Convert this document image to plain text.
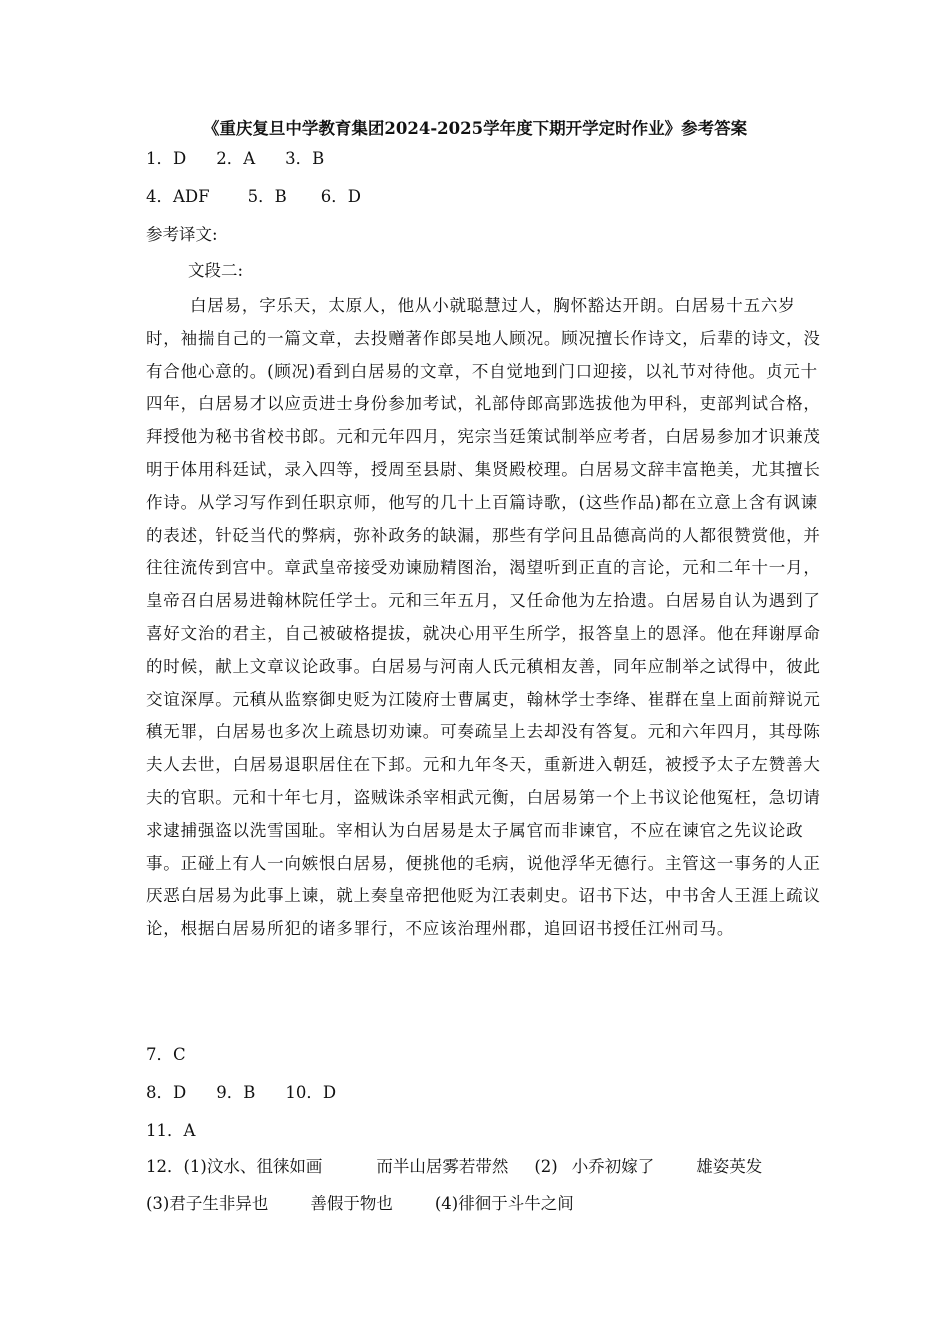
《重庆复旦中学教育集团2024-2025学年度下期开学定时作业》参考答案
1．D 2．A 3．B
4．ADF 5．B 6．D
参考译文:
文段二:
白居易，字乐天，太原人，他从小就聪慧过人，胸怀豁达开朗。白居易十五六岁
时，袖揣自己的一篇文章，去投赠著作郎吴地人顾况。顾况擅长作诗文，后辈的诗文，没
有合他心意的。(顾况)看到白居易的文章，不自觉地到门口迎接，以礼节对待他。贞元十
四年，白居易才以应贡进士身份参加考试，礼部侍郎高郢选拔他为甲科，吏部判试合格，
拜授他为秘书省校书郎。元和元年四月，宪宗当廷策试制举应考者，白居易参加才识兼茂
明于体用科廷试，录入四等，授周至县尉、集贤殿校理。白居易文辞丰富艳美，尤其擅长
作诗。从学习写作到任职京师，他写的几十上百篇诗歌，(这些作品)都在立意上含有讽谏
的表述，针砭当代的弊病，弥补政务的缺漏，那些有学问且品德高尚的人都很赞赏他，并
往往流传到宫中。章武皇帝接受劝谏励精图治，渴望听到正直的言论，元和二年十一月，
皇帝召白居易进翰林院任学士。元和三年五月，又任命他为左拾遗。白居易自认为遇到了
喜好文治的君主，自己被破格提拔，就决心用平生所学，报答皇上的恩泽。他在拜谢厚命
的时候，献上文章议论政事。白居易与河南人氏元稹相友善，同年应制举之试得中，彼此
交谊深厚。元稹从监察御史贬为江陵府士曹属吏，翰林学士李绛、崔群在皇上面前辩说元
稹无罪，白居易也多次上疏恳切劝谏。可奏疏呈上去却没有答复。元和六年四月，其母陈
夫人去世，白居易退职居住在下邽。元和九年冬天，重新进入朝廷，被授予太子左赞善大
夫的官职。元和十年七月，盗贼诛杀宰相武元衡，白居易第一个上书议论他冤枉，急切请
求逮捕强盗以洗雪国耻。宰相认为白居易是太子属官而非谏官，不应在谏官之先议论政
事。正碰上有人一向嫉恨白居易，便挑他的毛病，说他浮华无德行。主管这一事务的人正
厌恶白居易为此事上谏，就上奏皇帝把他贬为江表刺史。诏书下达，中书舍人王涯上疏议
论，根据白居易所犯的诸多罪行，不应该治理州郡，追回诏书授任江州司马。
7．C
8．D 9．B 10．D
11．A
12．(1)汶水、徂徕如画	而半山居雾若带然 (2) 小乔初嫁了	雄姿英发
(3)君子生非异也	善假于物也	(4)徘徊于斗牛之间
